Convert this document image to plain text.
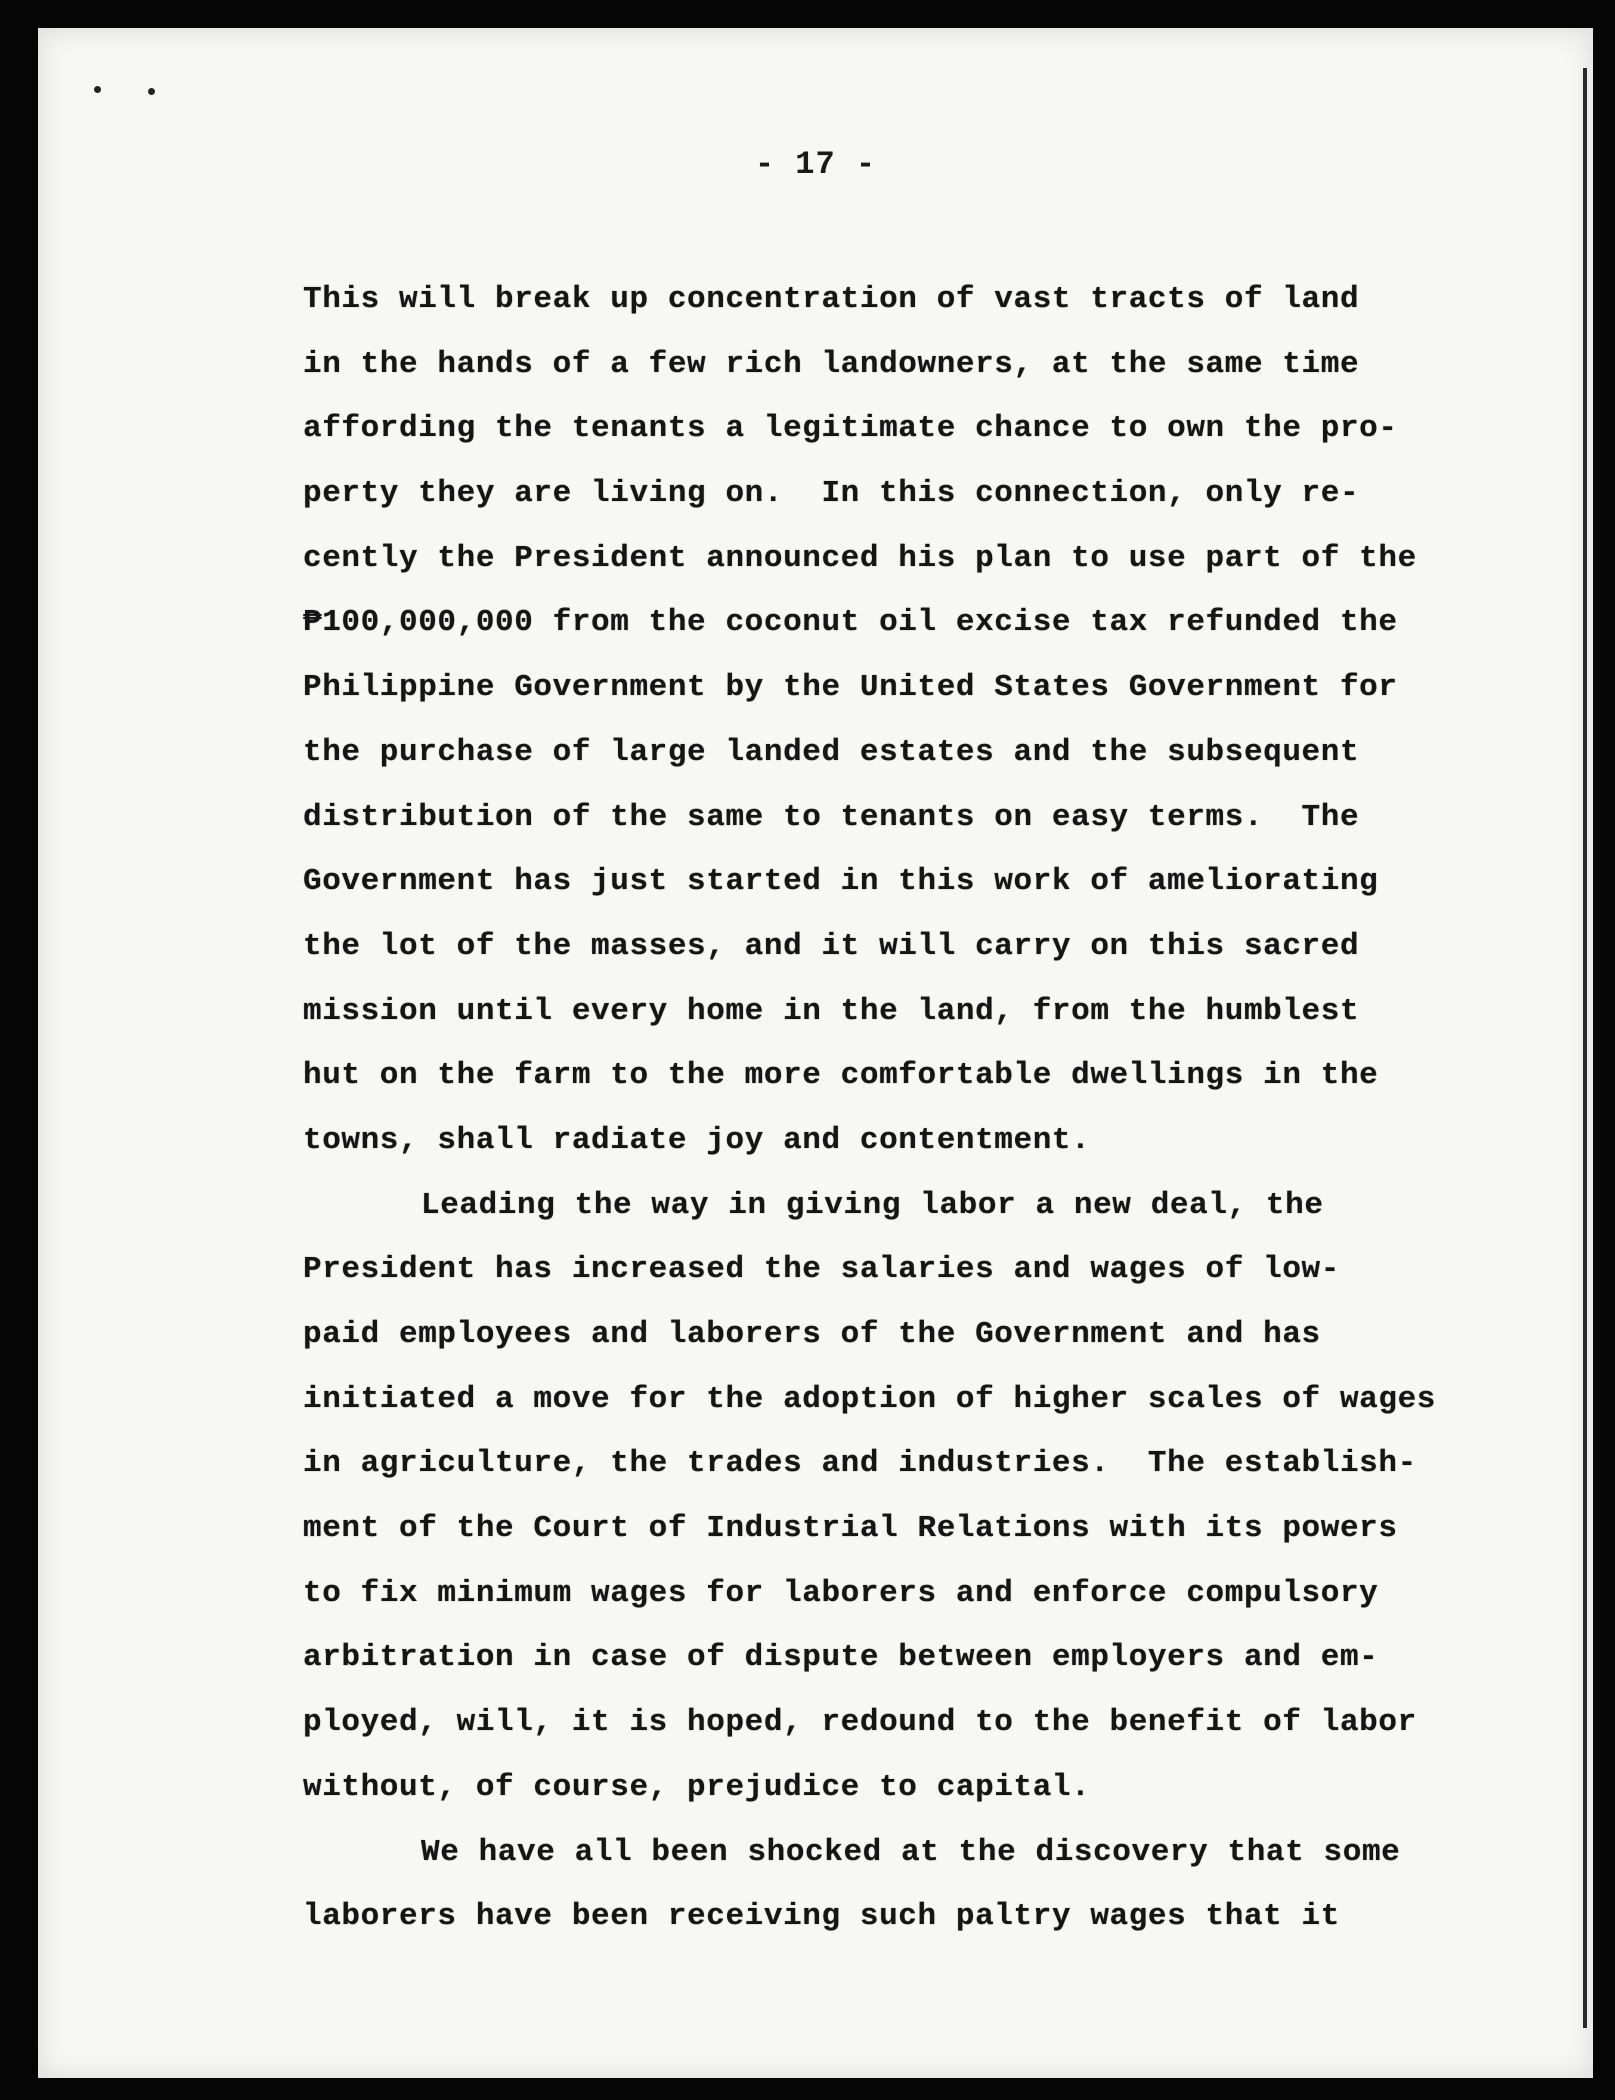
- 17 -
This will break up concentration of vast tracts of land
in the hands of a few rich landowners, at the same time
affording the tenants a legitimate chance to own the pro-
perty they are living on.  In this connection, only re-
cently the President announced his plan to use part of the
₱100,000,000 from the coconut oil excise tax refunded the
Philippine Government by the United States Government for
the purchase of large landed estates and the subsequent
distribution of the same to tenants on easy terms.  The
Government has just started in this work of ameliorating
the lot of the masses, and it will carry on this sacred
mission until every home in the land, from the humblest
hut on the farm to the more comfortable dwellings in the
towns, shall radiate joy and contentment.
Leading the way in giving labor a new deal, the
President has increased the salaries and wages of low-
paid employees and laborers of the Government and has
initiated a move for the adoption of higher scales of wages
in agriculture, the trades and industries.  The establish-
ment of the Court of Industrial Relations with its powers
to fix minimum wages for laborers and enforce compulsory
arbitration in case of dispute between employers and em-
ployed, will, it is hoped, redound to the benefit of labor
without, of course, prejudice to capital.
We have all been shocked at the discovery that some
laborers have been receiving such paltry wages that it
